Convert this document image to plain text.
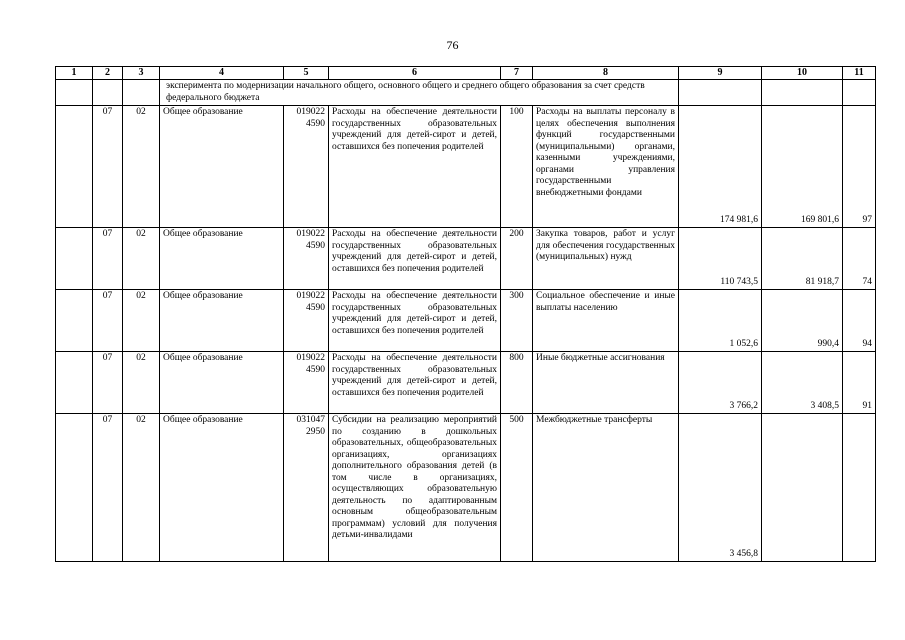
76
1	2	3	4	5	6	7	8	9	10	11
			эксперимента по модернизации начального общего, основного общего и среднего общего образования за счет средств федерального бюджета							
	07	02	Общее образование	019022 4590	Расходы на обеспечение деятельности государственных образовательных учреждений для детей-сирот и детей, оставшихся без попечения родителей	100	Расходы на выплаты персоналу в целях обеспечения выполнения функций государственными (муниципальными) органами, казенными учреждениями, органами управления государственными внебюджетными фондами	174 981,6	169 801,6	97
	07	02	Общее образование	019022 4590	Расходы на обеспечение деятельности государственных образовательных учреждений для детей-сирот и детей, оставшихся без попечения родителей	200	Закупка товаров, работ и услуг для обеспечения государственных (муниципальных) нужд	110 743,5	81 918,7	74
	07	02	Общее образование	019022 4590	Расходы на обеспечение деятельности государственных образовательных учреждений для детей-сирот и детей, оставшихся без попечения родителей	300	Социальное обеспечение и иные выплаты населению	1 052,6	990,4	94
	07	02	Общее образование	019022 4590	Расходы на обеспечение деятельности государственных образовательных учреждений для детей-сирот и детей, оставшихся без попечения родителей	800	Иные бюджетные ассигнования	3 766,2	3 408,5	91
	07	02	Общее образование	031047 2950	Субсидии на реализацию мероприятий по созданию в дошкольных образовательных, общеобразовательных организациях, организациях дополнительного образования детей (в том числе в организациях, осуществляющих образовательную деятельность по адаптированным основным общеобразовательным программам) условий для получения детьми-инвалидами	500	Межбюджетные трансферты	3 456,8		
